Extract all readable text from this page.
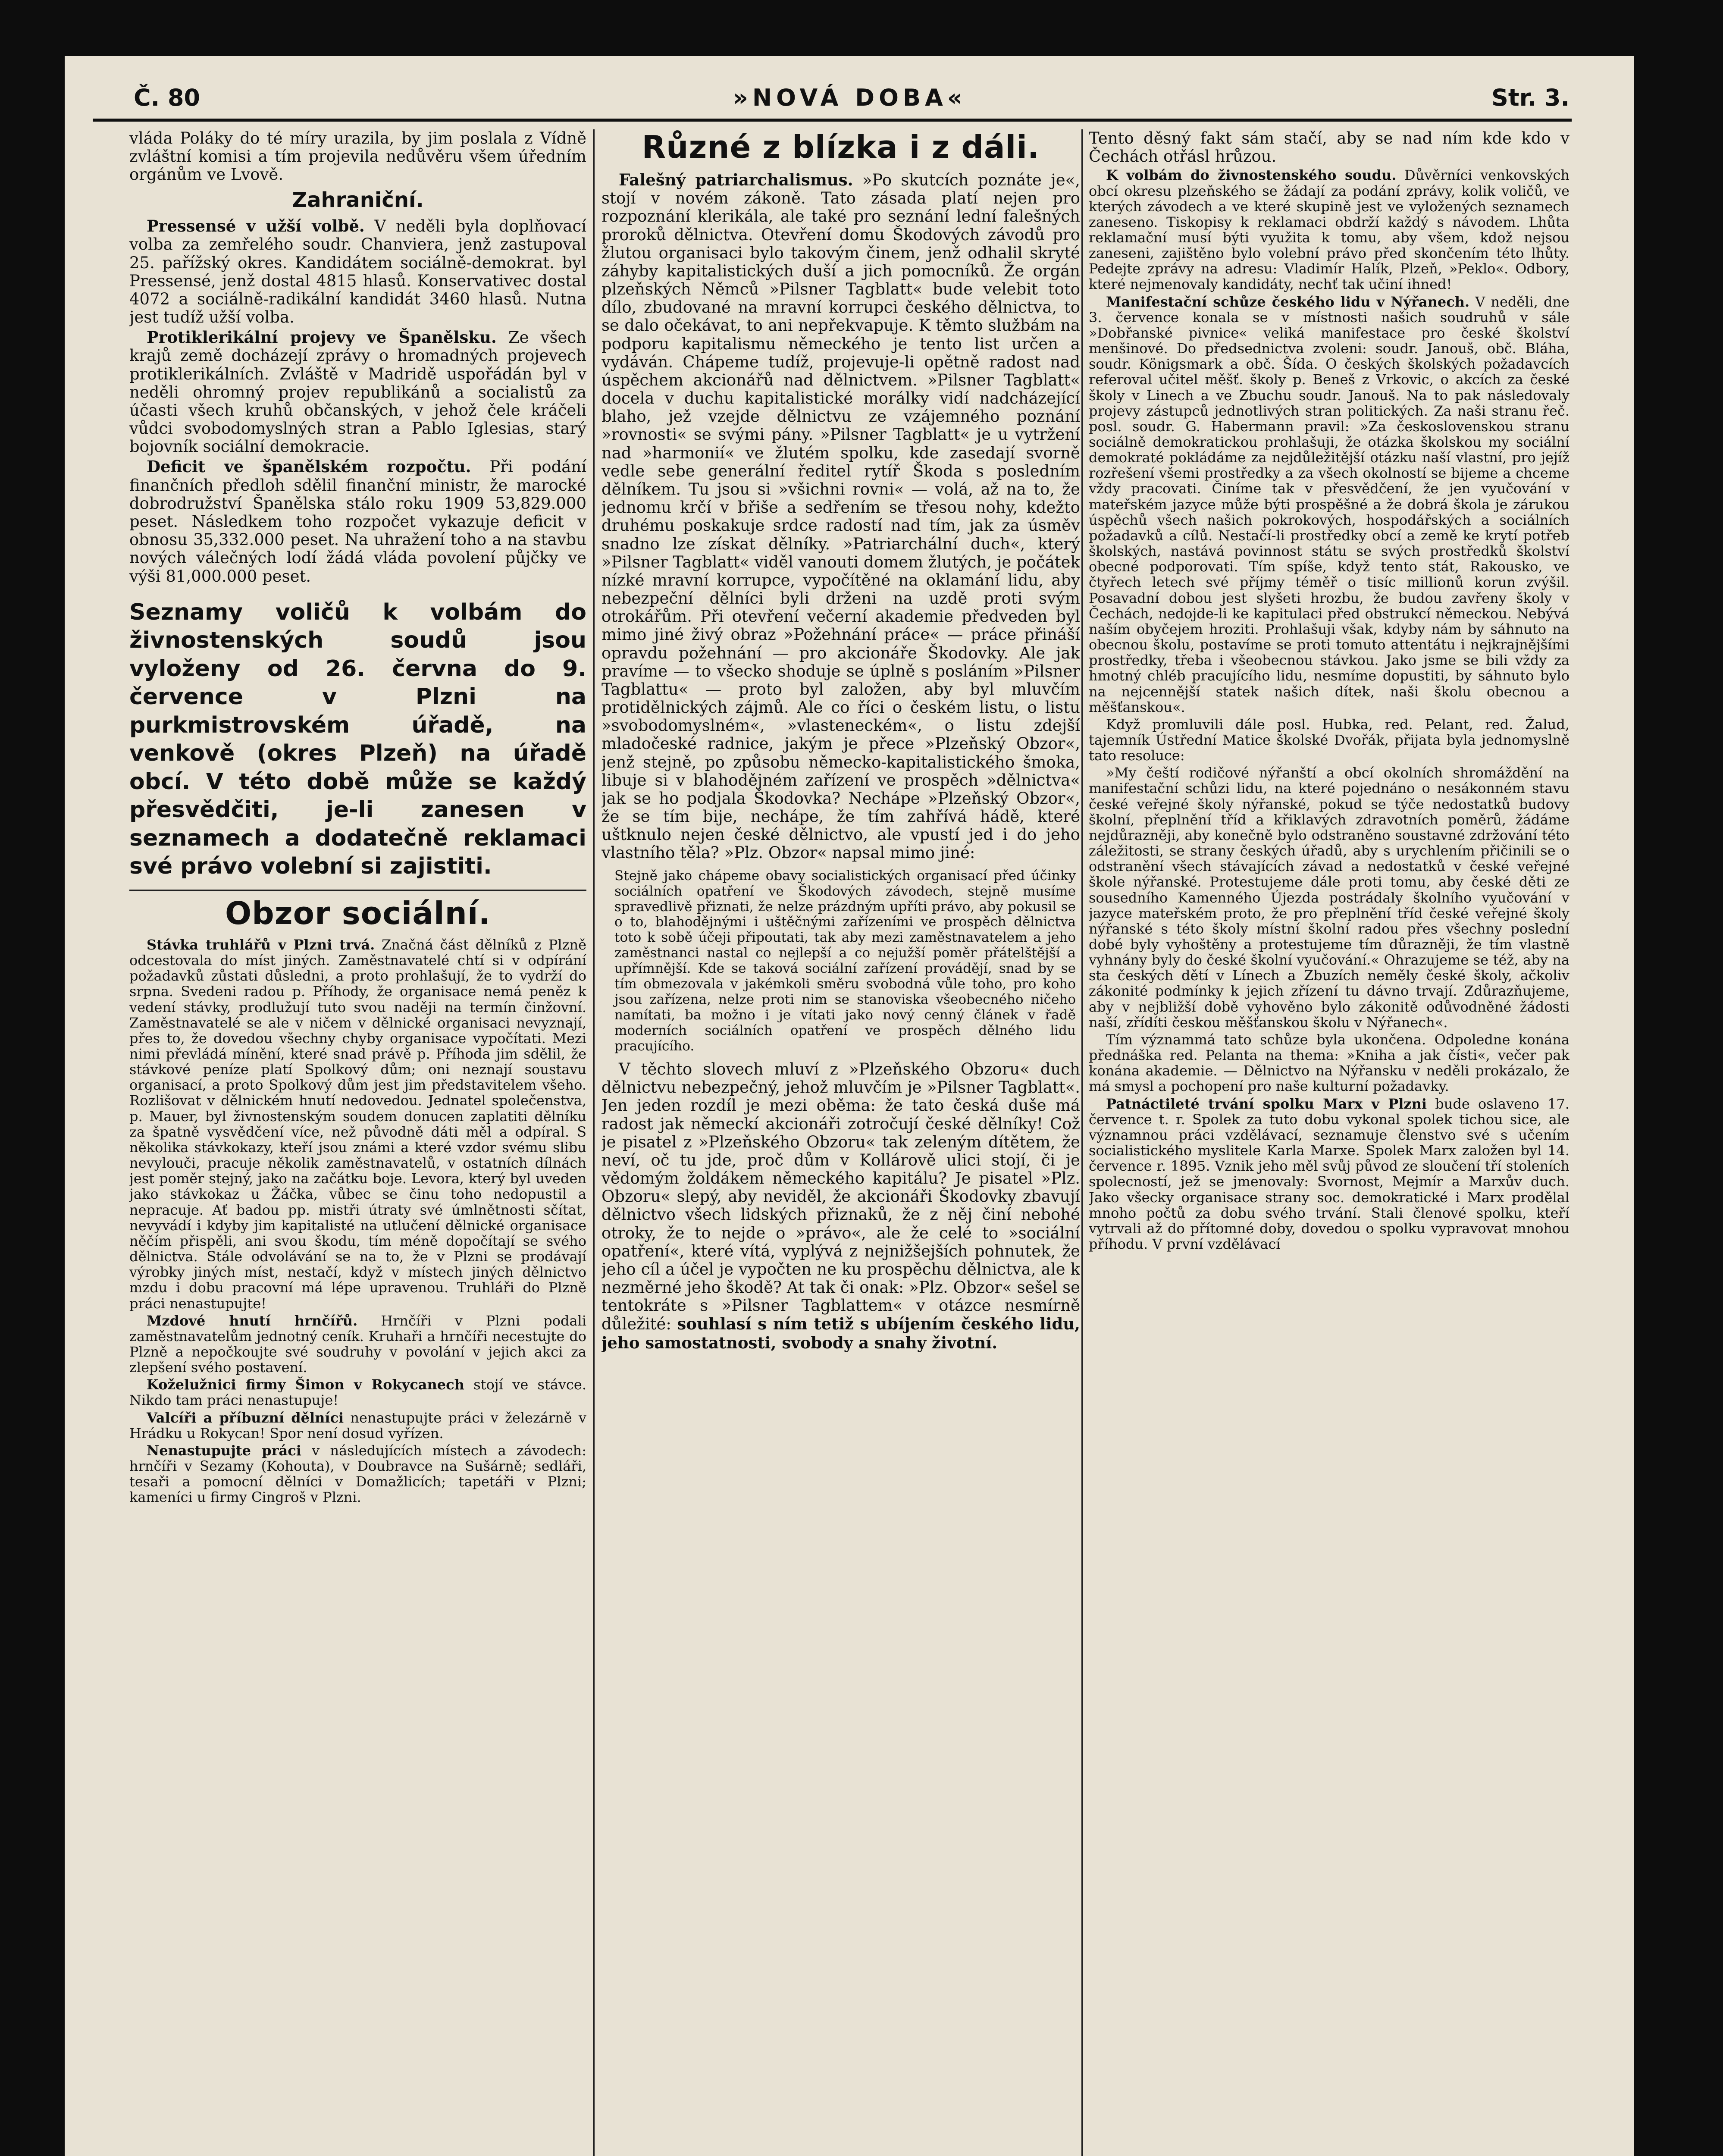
Č. 80	»NOVÁ DOBA«	Str. 3.

vláda Poláky do té míry urazila, by jim poslala z Vídně zvláštní komisi a tím projevila nedůvěru všem úředním orgánům ve Lvově.

Zahraniční.

Pressensé v užší volbě. V neděli byla doplňovací volba za zemřelého soudr. Chanviera, jenž zastupoval 25. pařížský okres. Kandidátem sociálně-demokrat. byl Pressensé, jenž dostal 4815 hlasů. Konservativec dostal 4072 a sociálně-radikální kandidát 3460 hlasů. Nutna jest tudíž užší volba.

Protiklerikální projevy ve Španělsku. Ze všech krajů země docházejí zprávy o hromadných projevech protiklerikálních. Zvláště v Madridě uspořádán byl v neděli ohromný projev republikánů a socialistů za účasti všech kruhů občanských, v jehož čele kráčeli vůdci svobodomyslných stran a Pablo Iglesias, starý bojovník sociální demokracie.

Deficit ve španělském rozpočtu. Při podání finančních předloh sdělil finanční ministr, že marocké dobrodružství Španělska stálo roku 1909 53,829.000 peset. Následkem toho rozpočet vykazuje deficit v obnosu 35,332.000 peset. Na uhražení toho a na stavbu nových válečných lodí žádá vláda povolení půjčky ve výši 81,000.000 peset.

Seznamy voličů k volbám do živnostenských soudů jsou vyloženy od 26. června do 9. července v Plzni na purkmistrovském úřadě, na venkově (okres Plzeň) na úřadě obcí. V této době může se každý přesvědčiti, je-li zanesen v seznamech a dodatečně reklamaci své právo volební si zajistiti.
Obzor sociální.

Stávka truhlářů v Plzni trvá. Značná část dělníků z Plzně odcestovala do míst jiných. Zaměstnavatelé chtí si v odpírání požadavků zůstati důsledni, a proto prohlašují, že to vydrží do srpna. Svedeni radou p. Příhody, že organisace nemá peněz k vedení stávky, prodlužují tuto svou naději na termín činžovní. Zaměstnavatelé se ale v ničem v dělnické organisaci nevyznají, přes to, že dovedou všechny chyby organisace vypočítati. Mezi nimi převládá mínění, které snad právě p. Příhoda jim sdělil, že stávkové peníze platí Spolkový dům; oni neznají soustavu organisací, a proto Spolkový dům jest jim představitelem všeho. Rozlišovat v dělnickém hnutí nedovedou. Jednatel společenstva, p. Mauer, byl živnostenským soudem donucen zaplatiti dělníku za špatně vysvědčení více, než původně dáti měl a odpíral. S několika stávkokazy, kteří jsou známi a které vzdor svému slibu nevylouči, pracuje několik zaměstnavatelů, v ostatních dílnách jest poměr stejný, jako na začátku boje. Levora, který byl uveden jako stávkokaz u Žáčka, vůbec se činu toho nedopustil a nepracuje. Ať badou pp. mistři útraty své úmlnětnosti sčítat, nevyvádí i kdyby jim kapitalisté na utlučení dělnické organisace něčím přispěli, ani svou škodu, tím méně dopočítají se svého dělnictva. Stále odvolávání se na to, že v Plzni se prodávají výrobky jiných míst, nestačí, když v místech jiných dělnictvo mzdu i dobu pracovní má lépe upravenou. Truhláři do Plzně práci nenastupujte!

Mzdové hnutí hrnčířů. Hrnčíři v Plzni podali zaměstnavatelům jednotný ceník. Kruhaři a hrnčíři necestujte do Plzně a nepočkoujte své soudruhy v povolání v jejich akci za zlepšení svého postavení.

Koželužnici firmy Šimon v Rokycanech stojí ve stávce. Nikdo tam práci nenastupuje!

Valcíři a příbuzní dělníci nenastupujte práci v železárně v Hrádku u Rokycan! Spor není dosud vyřízen.

Nenastupujte práci v následujících místech a závodech: hrnčíři v Sezamy (Kohouta), v Doubravce na Sušárně; sedláři, tesaři a pomocní dělníci v Domažlicích; tapetáři v Plzni; kameníci u firmy Cingroš v Plzni.

Různé z blízka i z dáli.

Falešný patriarchalismus. »Po skutcích poznáte je«, stojí v novém zákoně. Tato zásada platí nejen pro rozpoznání klerikála, ale také pro seznání lední falešných proroků dělnictva. Otevření domu Škodových závodů pro žlutou organisaci bylo takovým činem, jenž odhalil skryté záhyby kapitalistických duší a jich pomocníků. Že orgán plzeňských Němců »Pilsner Tagblatt« bude velebit toto dílo, zbudované na mravní korrupci českého dělnictva, to se dalo očekávat, to ani nepřekvapuje. K těmto službám na podporu kapitalismu německého je tento list určen a vydáván. Chápeme tudíž, projevuje-li opětně radost nad úspěchem akcionářů nad dělnictvem. »Pilsner Tagblatt« docela v duchu kapitalistické morálky vidí nadcházející blaho, jež vzejde dělnictvu ze vzájemného poznání »rovnosti« se svými pány. »Pilsner Tagblatt« je u vytržení nad »harmonií« ve žlutém spolku, kde zasedají svorně vedle sebe generální ředitel rytíř Škoda s posledním dělníkem. Tu jsou si »všichni rovni« — volá, až na to, že jednomu krčí v břiše a sedřením se třesou nohy, kdežto druhému poskakuje srdce radostí nad tím, jak za úsměv snadno lze získat dělníky. »Patriarchální duch«, který »Pilsner Tagblatt« viděl vanouti domem žlutých, je počátek nízké mravní korrupce, vypočítěné na oklamání lidu, aby nebezpeční dělníci byli drženi na uzdě proti svým otrokářům. Při otevření večerní akademie předveden byl mimo jiné živý obraz »Požehnání práce« — práce přináší opravdu požehnání — pro akcionáře Škodovky. Ale jak pravíme — to všecko shoduje se úplně s posláním »Pilsner Tagblattu« — proto byl založen, aby byl mluvčím protidělnických zájmů. Ale co říci o českém listu, o listu »svobodomyslném«, »vlasteneckém«, o listu zdejší mladočeské radnice, jakým je přece »Plzeňský Obzor«, jenž stejně, po způsobu německo-kapitalistického šmoka, libuje si v blahodějném zařízení ve prospěch »dělnictva« jak se ho podjala Škodovka? Nechápe »Plzeňský Obzor«, že se tím bije, nechápe, že tím zahřívá hádě, které uštknulo nejen české dělnictvo, ale vpustí jed i do jeho vlastního těla? »Plz. Obzor« napsal mimo jiné:

Stejně jako chápeme obavy socialistických organisací před účinky sociálních opatření ve Škodových závodech, stejně musíme spravedlivě přiznati, že nelze prázdným upříti právo, aby pokusil se o to, blahodějnými i uštěčnými zařízeními ve prospěch dělnictva toto k sobě účeji připoutati, tak aby mezi zaměstnavatelem a jeho zaměstnanci nastal co nejlepší a co nejužší poměr přátelštější a upřímnější. Kde se taková sociální zařízení provádějí, snad by se tím obmezovala v jakémkoli směru svobodná vůle toho, pro koho jsou zařízena, nelze proti nim se stanoviska všeobecného ničeho namítati, ba možno i je vítati jako nový cenný článek v řadě moderních sociálních opatření ve prospěch dělného lidu pracujícího.

V těchto slovech mluví z »Plzeňského Obzoru« duch dělnictvu nebezpečný, jehož mluvčím je »Pilsner Tagblatt«. Jen jeden rozdíl je mezi oběma: že tato česká duše má radost jak německí akcionáři zotročují české dělníky! Což je pisatel z »Plzeňského Obzoru« tak zeleným dítětem, že neví, oč tu jde, proč dům v Kollárově ulici stojí, či je vědomým žoldákem německého kapitálu? Je pisatel »Plz. Obzoru« slepý, aby neviděl, že akcionáři Škodovky zbavují dělnictvo všech lidských přiznaků, že z něj činí nebohé otroky, že to nejde o »právo«, ale že celé to »sociální opatření«, které vítá, vyplývá z nejnižšejších pohnutek, že jeho cíl a účel je vypočten ne ku prospěchu dělnictva, ale k nezměrné jeho škodě? At tak či onak: »Plz. Obzor« sešel se tentokráte s »Pilsner Tagblattem« v otázce nesmírně důležité: souhlasí s ním tetiž s ubíjením českého lidu, jeho samostatnosti, svobody a snahy životní.

Tento děsný fakt sám stačí, aby se nad ním kde kdo v Čechách otřásl hrůzou.

K volbám do živnostenského soudu. Důvěrníci venkovských obcí okresu plzeňského se žádají za podání zprávy, kolik voličů, ve kterých závodech a ve které skupině jest ve vyložených seznamech zaneseno. Tiskopisy k reklamaci obdrží každý s návodem. Lhůta reklamační musí býti využita k tomu, aby všem, kdož nejsou zaneseni, zajištěno bylo volební právo před skončením této lhůty. Pedejte zprávy na adresu: Vladimír Halík, Plzeň, »Peklo«. Odbory, které nejmenovaly kandidáty, nechť tak učiní ihned!

Manifestační schůze českého lidu v Nýřanech. V neděli, dne 3. července konala se v místnosti našich soudruhů v sále »Dobřanské pivnice« veliká manifestace pro české školství menšinové. Do předsednictva zvoleni: soudr. Janouš, obč. Bláha, soudr. Königsmark a obč. Šída. O českých školských požadavcích referoval učitel měšť. školy p. Beneš z Vrkovic, o akcích za české školy v Linech a ve Zbuchu soudr. Janouš. Na to pak následovaly projevy zástupců jednotlivých stran politických. Za naši stranu řeč. posl. soudr. G. Habermann pravil: »Za československou stranu sociálně demokratickou prohlašuji, že otázka školskou my sociální demokraté pokládáme za nejdůležitější otázku naší vlastní, pro jejíž rozřešení všemi prostředky a za všech okolností se bijeme a chceme vždy pracovati. Činíme tak v přesvědčení, že jen vyučování v mateřském jazyce může býti prospěšné a že dobrá škola je zárukou úspěchů všech našich pokrokových, hospodářských a sociálních požadavků a cílů. Nestačí-li prostředky obcí a země ke krytí potřeb školských, nastává povinnost státu se svých prostředků školství obecné podporovati. Tím spíše, když tento stát, Rakousko, ve čtyřech letech své příjmy téměř o tisíc millionů korun zvýšil. Posavadní dobou jest slyšeti hrozbu, že budou zavřeny školy v Čechách, nedojde-li ke kapitulaci před obstrukcí německou. Nebývá naším obyčejem hroziti. Prohlašuji však, kdyby nám by sáhnuto na obecnou školu, postavíme se proti tomuto attentátu i nejkrajnějšími prostředky, třeba i všeobecnou stávkou. Jako jsme se bili vždy za hmotný chléb pracujícího lidu, nesmíme dopustiti, by sáhnuto bylo na nejcennější statek našich dítek, naši školu obecnou a měšťanskou«.

Když promluvili dále posl. Hubka, red. Pelant, red. Žalud, tajemník Ústřední Matice školské Dvořák, přijata byla jednomyslně tato resoluce:

»My čeští rodičové nýřanští a obcí okolních shromáždění na manifestační schůzi lidu, na které pojednáno o nesákonném stavu české veřejné školy nýřanské, pokud se týče nedostatků budovy školní, přeplnění tříd a křiklavých zdravotních poměrů, žádáme nejdůrazněji, aby konečně bylo odstraněno soustavné zdržování této záležitosti, se strany českých úřadů, aby s urychlením přičinili se o odstranění všech stávajících závad a nedostatků v české veřejné škole nýřanské. Protestujeme dále proti tomu, aby české děti ze sousedního Kamenného Újezda postrádaly školního vyučování v jazyce mateřském proto, že pro přeplnění tříd české veřejné školy nýřanské s této školy místní školní radou přes všechny poslední dobé byly vyhoštěny a protestujeme tím důrazněji, že tím vlastně vyhnány byly do české školní vyučování.« Ohrazujeme se též, aby na sta českých dětí v Línech a Zbuzích neměly české školy, ačkoliv zákonité podmínky k jejich zřízení tu dávno trvají. Zdůrazňujeme, aby v nejbližší době vyhověno bylo zákonitě odůvodněné žádosti naší, zřídíti českou měšťanskou školu v Nýřanech«.

Tím význammá tato schůze byla ukončena. Odpoledne konána přednáška red. Pelanta na thema: »Kniha a jak čísti«, večer pak konána akademie. — Dělnictvo na Nýřansku v neděli prokázalo, že má smysl a pochopení pro naše kulturní požadavky.

Patnáctileté trvání spolku Marx v Plzni bude oslaveno 17. července t. r. Spolek za tuto dobu vykonal spolek tichou sice, ale významnou práci vzdělávací, seznamuje členstvo své s učením socialistického myslitele Karla Marxe. Spolek Marx založen byl 14. července r. 1895. Vznik jeho měl svůj původ ze sloučení tří stoleních spolecností, jež se jmenovaly: Svornost, Mejmír a Marxův duch. Jako všecky organisace strany soc. demokratické i Marx prodělal mnoho počtů za dobu svého trvání. Stali členové spolku, kteří vytrvali až do přítomné doby, dovedou o spolku vypravovat mnohou příhodu. V první vzdělávací
